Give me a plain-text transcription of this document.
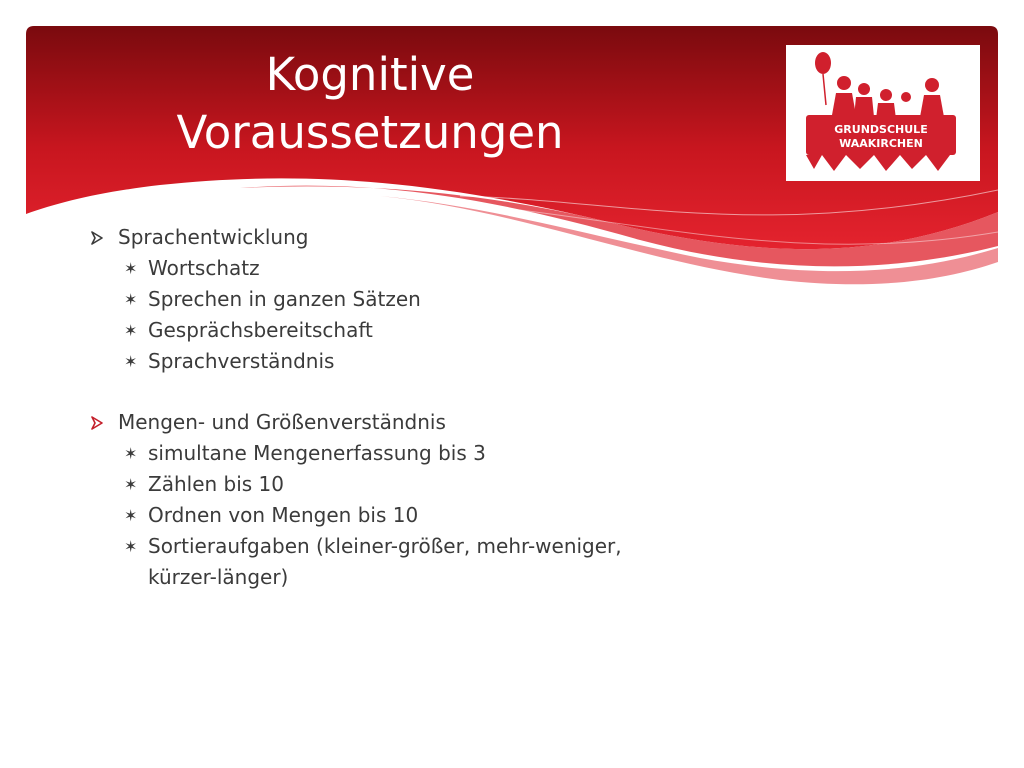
Kognitive Voraussetzungen	GRUNDSCHULE
WAAKIRCHEN
Sprachentwicklung
✶ Wortschatz
✶ Sprechen in ganzen Sätzen
✶ Gesprächsbereitschaft
✶ Sprachverständnis
Mengen- und Größenverständnis
✶ simultane Mengenerfassung bis 3
✶ Zählen bis 10
✶ Ordnen von Mengen bis 10
✶ Sortieraufgaben (kleiner-größer, mehr-weniger,
kürzer-länger)
